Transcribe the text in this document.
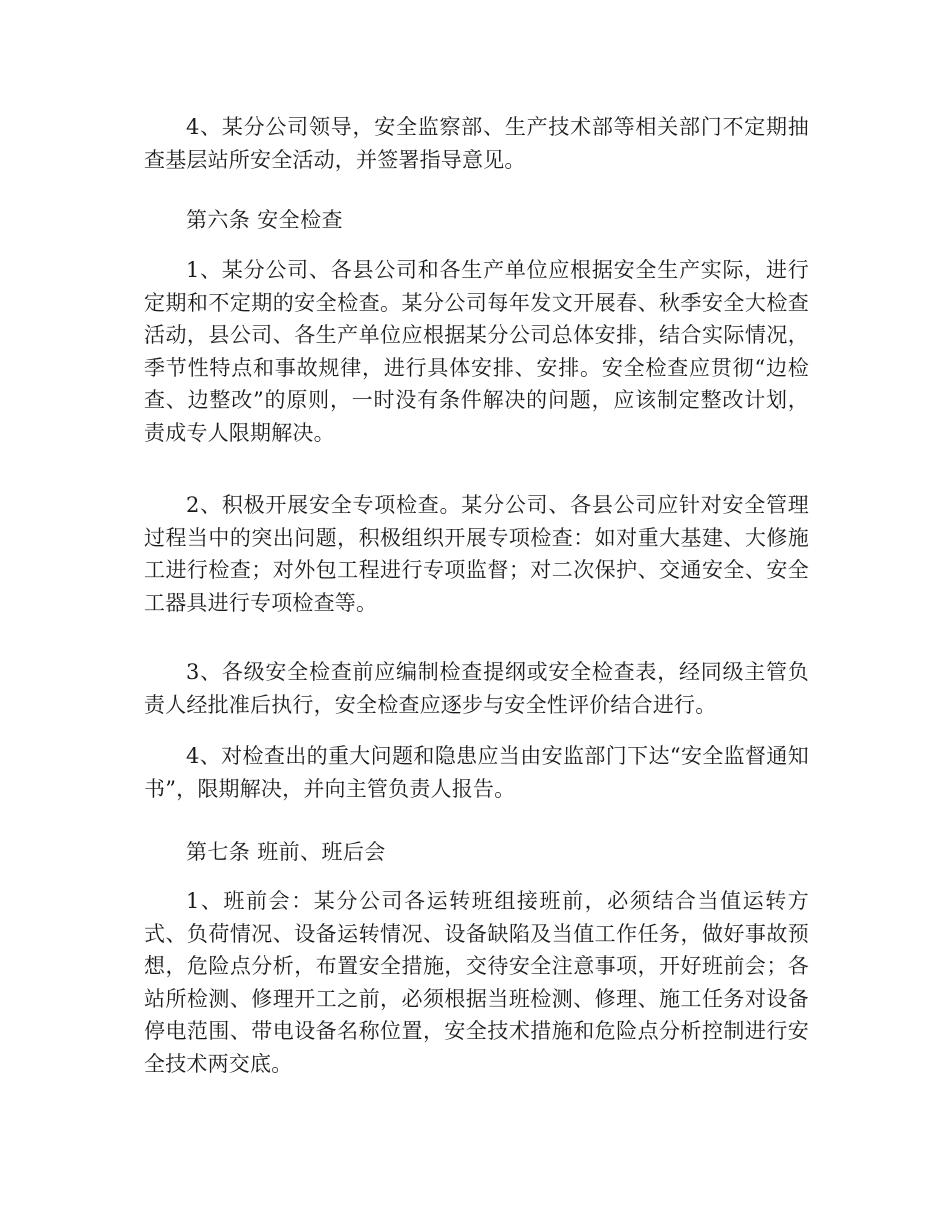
4、某分公司领导，安全监察部、生产技术部等相关部门不定期抽查基层站所安全活动，并签署指导意见。

第六条 安全检查

1、某分公司、各县公司和各生产单位应根据安全生产实际，进行定期和不定期的安全检查。某分公司每年发文开展春、秋季安全大检查活动，县公司、各生产单位应根据某分公司总体安排，结合实际情况，季节性特点和事故规律，进行具体安排、安排。安全检查应贯彻“边检查、边整改”的原则，一时没有条件解决的问题，应该制定整改计划，责成专人限期解决。

2、积极开展安全专项检查。某分公司、各县公司应针对安全管理过程当中的突出问题，积极组织开展专项检查：如对重大基建、大修施工进行检查；对外包工程进行专项监督；对二次保护、交通安全、安全工器具进行专项检查等。

3、各级安全检查前应编制检查提纲或安全检查表，经同级主管负责人经批准后执行，安全检查应逐步与安全性评价结合进行。

4、对检查出的重大问题和隐患应当由安监部门下达“安全监督通知书”，限期解决，并向主管负责人报告。

第七条 班前、班后会

1、班前会：某分公司各运转班组接班前，必须结合当值运转方式、负荷情况、设备运转情况、设备缺陷及当值工作任务，做好事故预想，危险点分析，布置安全措施，交待安全注意事项，开好班前会；各站所检测、修理开工之前，必须根据当班检测、修理、施工任务对设备停电范围、带电设备名称位置，安全技术措施和危险点分析控制进行安全技术两交底。
